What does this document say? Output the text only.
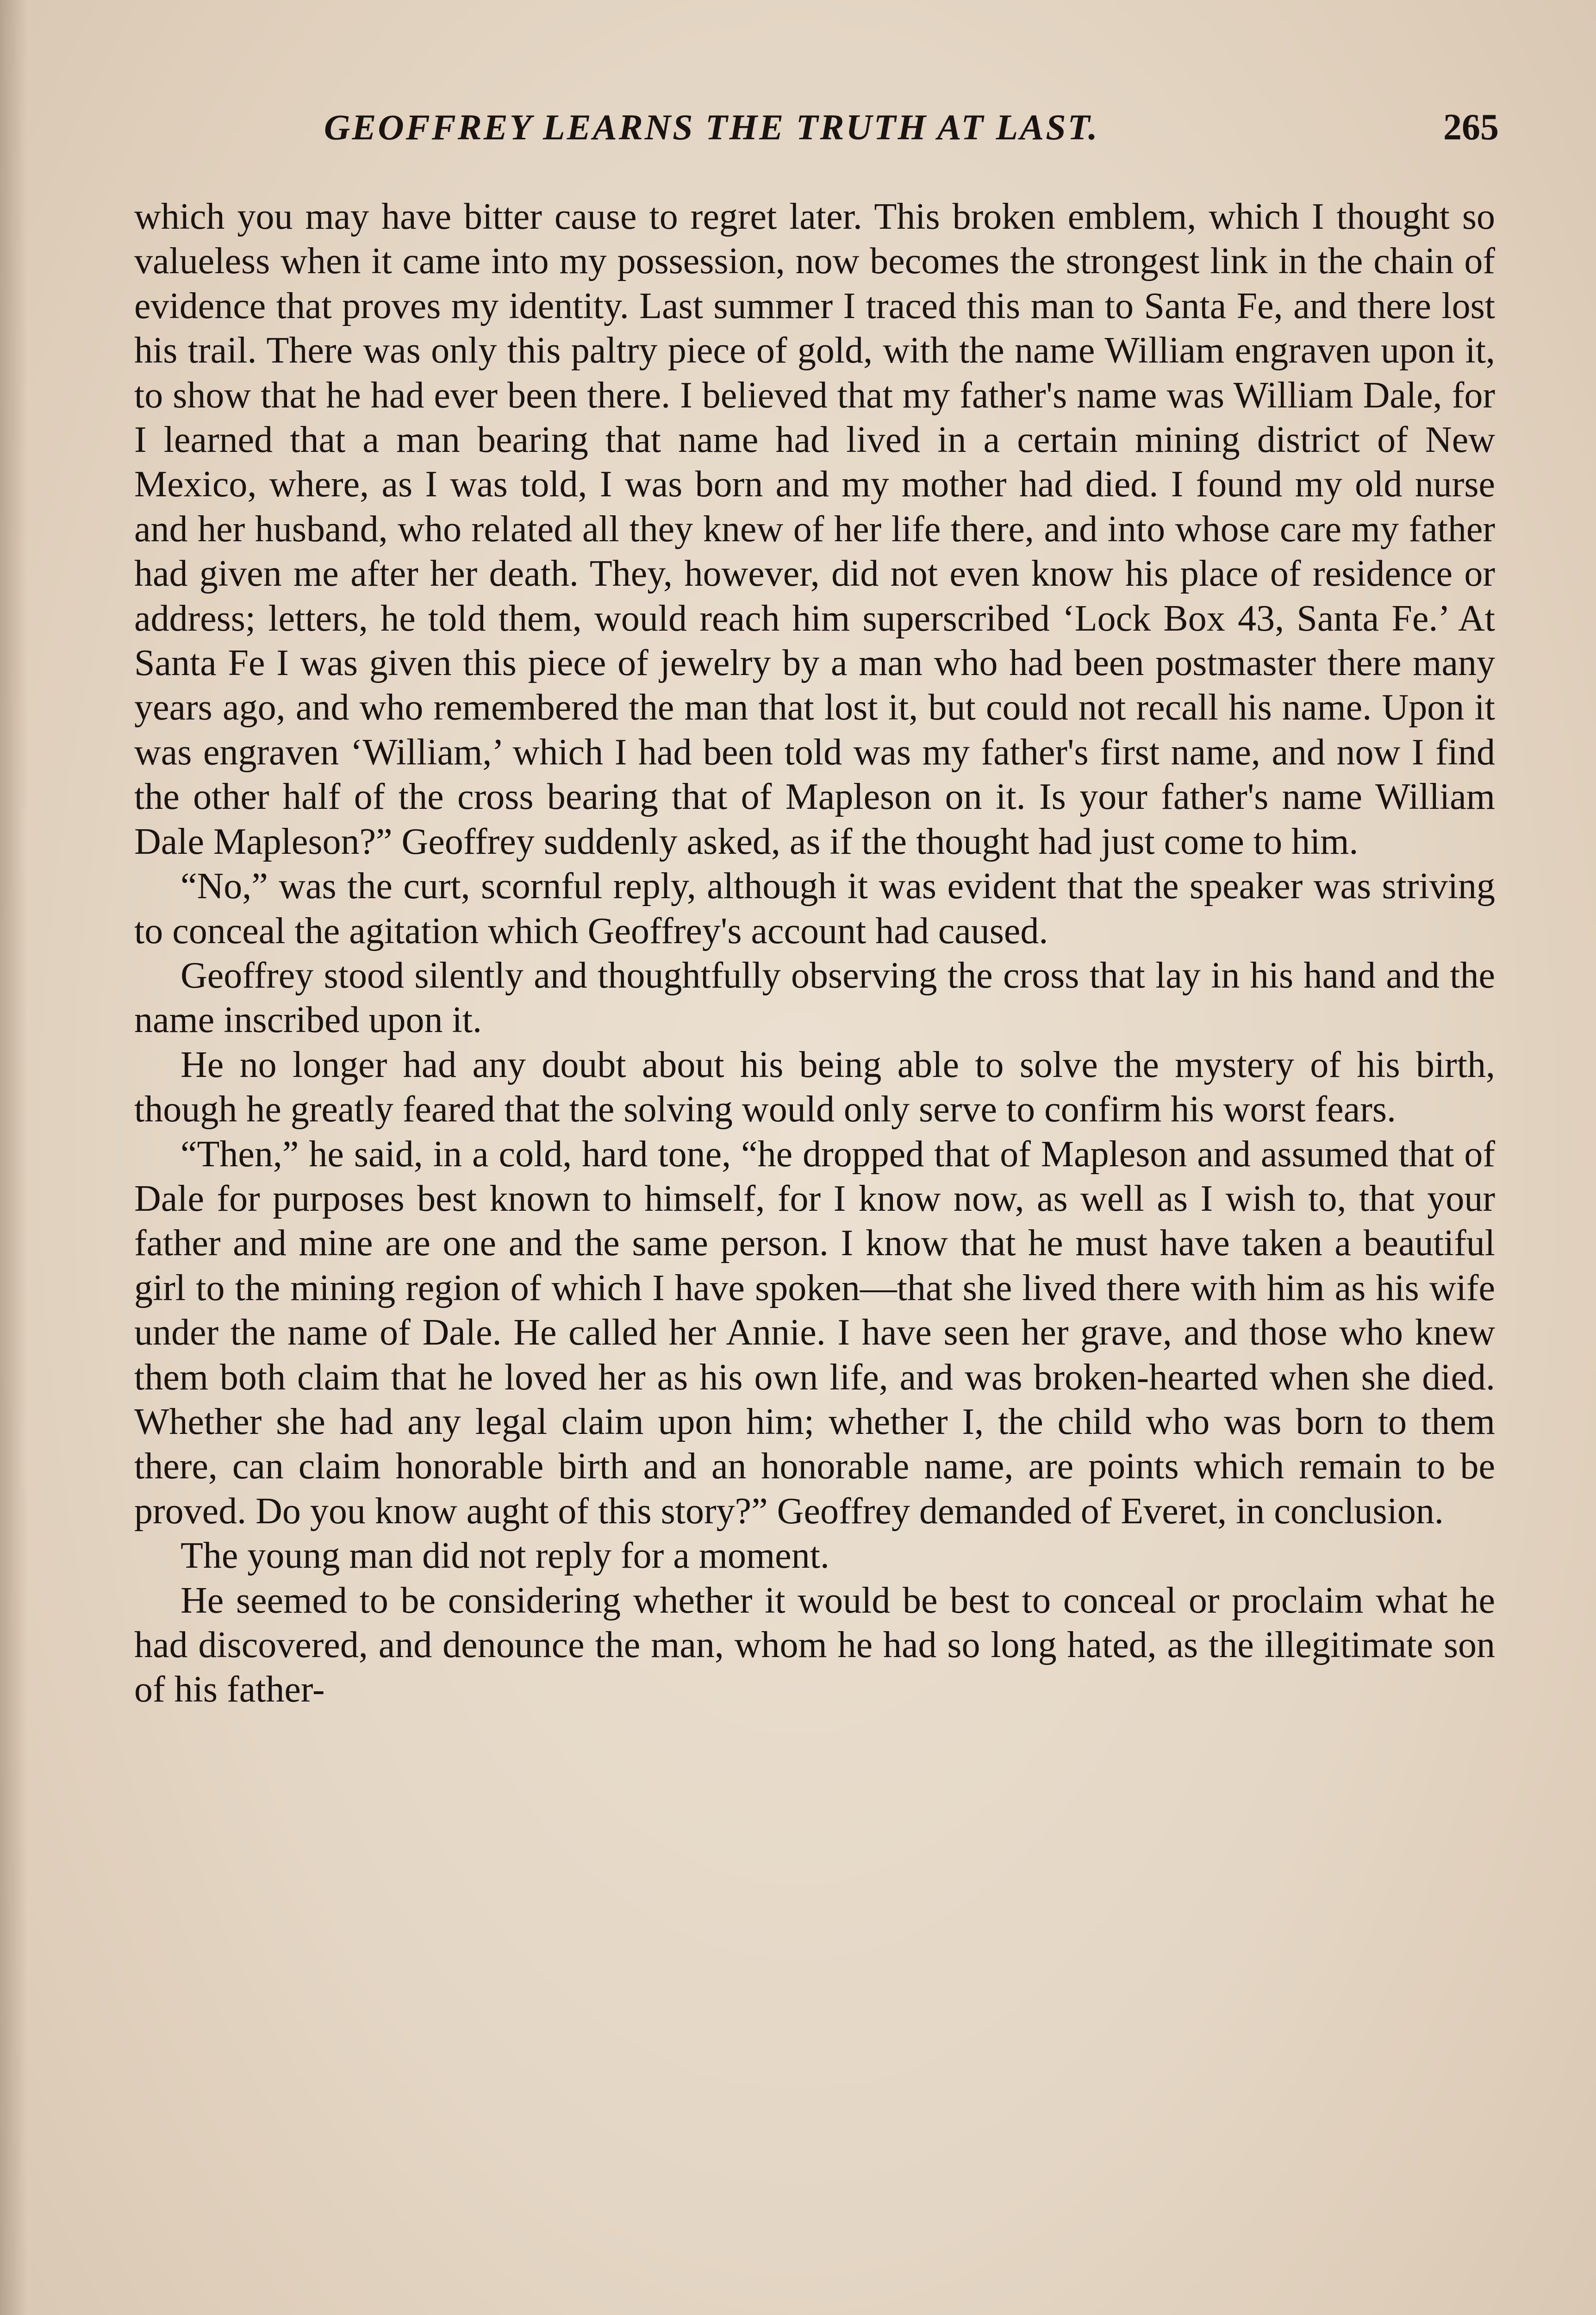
GEOFFREY LEARNS THE TRUTH AT LAST.	265

which you may have bitter cause to regret later. This broken emblem, which I thought so valueless when it came into my possession, now becomes the strongest link in the chain of evidence that proves my identity. Last summer I traced this man to Santa Fe, and there lost his trail. There was only this paltry piece of gold, with the name William engraven upon it, to show that he had ever been there. I believed that my father's name was William Dale, for I learned that a man bearing that name had lived in a certain mining district of New Mexico, where, as I was told, I was born and my mother had died. I found my old nurse and her husband, who related all they knew of her life there, and into whose care my father had given me after her death. They, however, did not even know his place of residence or address; letters, he told them, would reach him superscribed ‘Lock Box 43, Santa Fe.’ At Santa Fe I was given this piece of jewelry by a man who had been postmaster there many years ago, and who remembered the man that lost it, but could not recall his name. Upon it was engraven ‘William,’ which I had been told was my father's first name, and now I find the other half of the cross bearing that of Mapleson on it. Is your father's name William Dale Mapleson?” Geoffrey suddenly asked, as if the thought had just come to him.

“No,” was the curt, scornful reply, although it was evident that the speaker was striving to conceal the agitation which Geoffrey's account had caused.

Geoffrey stood silently and thoughtfully observing the cross that lay in his hand and the name inscribed upon it.

He no longer had any doubt about his being able to solve the mystery of his birth, though he greatly feared that the solving would only serve to confirm his worst fears.

“Then,” he said, in a cold, hard tone, “he dropped that of Mapleson and assumed that of Dale for purposes best known to himself, for I know now, as well as I wish to, that your father and mine are one and the same person. I know that he must have taken a beautiful girl to the mining region of which I have spoken—that she lived there with him as his wife under the name of Dale. He called her Annie. I have seen her grave, and those who knew them both claim that he loved her as his own life, and was broken-hearted when she died. Whether she had any legal claim upon him; whether I, the child who was born to them there, can claim honorable birth and an honorable name, are points which remain to be proved. Do you know aught of this story?” Geoffrey demanded of Everet, in conclusion.

The young man did not reply for a moment.

He seemed to be considering whether it would be best to conceal or proclaim what he had discovered, and denounce the man, whom he had so long hated, as the illegitimate son of his father-
